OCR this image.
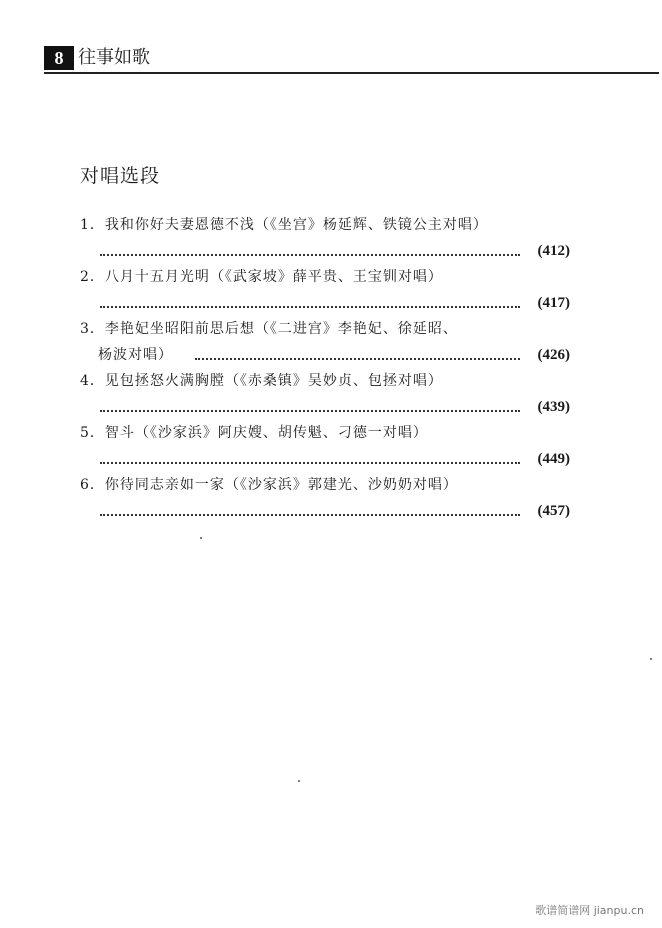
8 往事如歌
对唱选段
1．我和你好夫妻恩德不浅（《坐宫》杨延辉、铁镜公主对唱）
(412)
2．八月十五月光明（《武家坡》薛平贵、王宝钏对唱）
(417)
3．李艳妃坐昭阳前思后想（《二进宫》李艳妃、徐延昭、
杨波对唱）	(426)
4．见包拯怒火满胸膛（《赤桑镇》吴妙贞、包拯对唱）
(439)
5．智斗（《沙家浜》阿庆嫂、胡传魁、刁德一对唱）
(449)
6．你待同志亲如一家（《沙家浜》郭建光、沙奶奶对唱）
(457)
歌谱简谱网 jianpu.cn
